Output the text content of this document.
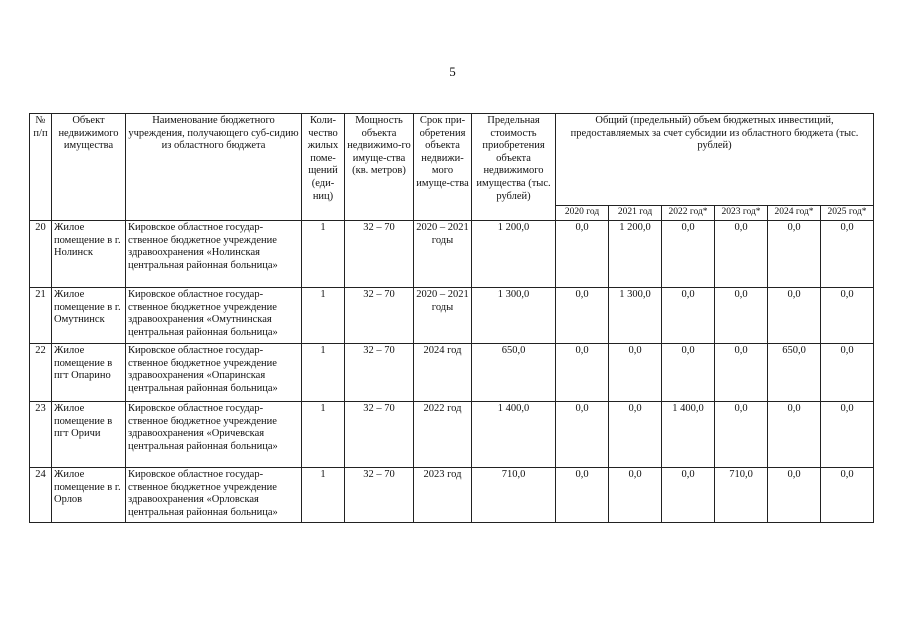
5
№ п/п	Объект недвижимого имущества	Наименование бюджетного учреждения, получающего суб-сидию из областного бюджета	Коли-чество жилых поме-щений (еди-ниц)	Мощность объекта недвижимо-го имуще-ства (кв. метров)	Срок при-обретения объекта недвижи-мого имуще-ства	Предельная стоимость приобретения объекта недвижимого имущества (тыс. рублей)	Общий (предельный) объем бюджетных инвестиций, предоставляемых за счет субсидии из областного бюджета (тыс. рублей)					
							2020 год	2021 год	2022 год*	2023 год*	2024 год*	2025 год*
20	Жилое помещение в г. Нолинск	Кировское областное государ-ственное бюджетное учреждение здравоохранения «Нолинская центральная районная больница»	1	32 – 70	2020 – 2021 годы	1 200,0	0,0	1 200,0	0,0	0,0	0,0	0,0
21	Жилое помещение в г. Омутнинск	Кировское областное государ-ственное бюджетное учреждение здравоохранения «Омутнинская центральная районная больница»	1	32 – 70	2020 – 2021 годы	1 300,0	0,0	1 300,0	0,0	0,0	0,0	0,0
22	Жилое помещение в пгт Опарино	Кировское областное государ-ственное бюджетное учреждение здравоохранения «Опаринская центральная районная больница»	1	32 – 70	2024 год	650,0	0,0	0,0	0,0	0,0	650,0	0,0
23	Жилое помещение в пгт Оричи	Кировское областное государ-ственное бюджетное учреждение здравоохранения «Оричевская центральная районная больница»	1	32 – 70	2022 год	1 400,0	0,0	0,0	1 400,0	0,0	0,0	0,0
24	Жилое помещение в г. Орлов	Кировское областное государ-ственное бюджетное учреждение здравоохранения «Орловская центральная районная больница»	1	32 – 70	2023 год	710,0	0,0	0,0	0,0	710,0	0,0	0,0
